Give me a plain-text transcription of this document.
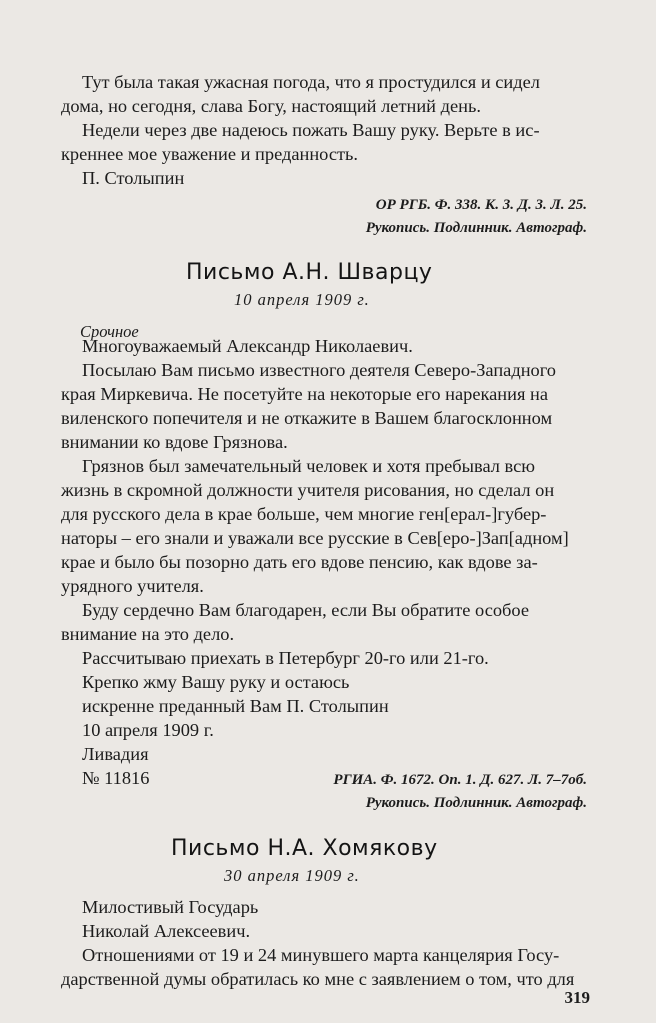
Тут была такая ужасная погода, что я простудился и сидел
дома, но сегодня, слава Богу, настоящий летний день.
Недели через две надеюсь пожать Вашу руку. Верьте в ис-
креннее мое уважение и преданность.
П. Столыпин
ОР РГБ. Ф. 338. К. 3. Д. 3. Л. 25.
Рукопись. Подлинник. Автограф.
Письмо А.Н. Шварцу
10 апреля 1909 г.
Срочное
Многоуважаемый Александр Николаевич.
Посылаю Вам письмо известного деятеля Северо-Западного
края Миркевича. Не посетуйте на некоторые его нарекания на
виленского попечителя и не откажите в Вашем благосклонном
внимании ко вдове Грязнова.
Грязнов был замечательный человек и хотя пребывал всю
жизнь в скромной должности учителя рисования, но сделал он
для русского дела в крае больше, чем многие ген[ерал-]губер-
наторы – его знали и уважали все русские в Сев[еро-]Зап[адном]
крае и было бы позорно дать его вдове пенсию, как вдове за-
урядного учителя.
Буду сердечно Вам благодарен, если Вы обратите особое
внимание на это дело.
Рассчитываю приехать в Петербург 20-го или 21-го.
Крепко жму Вашу руку и остаюсь
искренне преданный Вам П. Столыпин
10 апреля 1909 г.
Ливадия
№ 11816	РГИА. Ф. 1672. Оп. 1. Д. 627. Л. 7–7об.
Рукопись. Подлинник. Автограф.
Письмо Н.А. Хомякову
30 апреля 1909 г.
Милостивый Государь
Николай Алексеевич.
Отношениями от 19 и 24 минувшего марта канцелярия Госу-
дарственной думы обратилась ко мне с заявлением о том, что для
319
